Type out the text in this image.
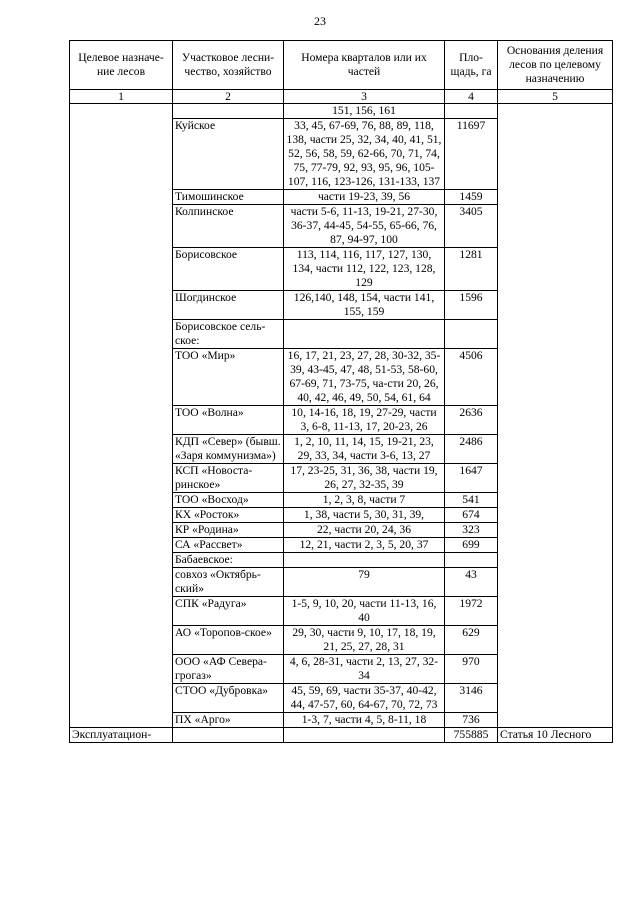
23
Целевое назначе-ние лесов	Участковое лесни-чество, хозяйство	Номера кварталов или их частей	Пло-щадь, га	Основания деления лесов по целевому назначению
1	2	3	4	5
		151, 156, 161		
	Куйское	33, 45, 67-69, 76, 88, 89, 118, 138, части 25, 32, 34, 40, 41, 51, 52, 56, 58, 59, 62-66, 70, 71, 74, 75, 77-79, 92, 93, 95, 96, 105-107, 116, 123-126, 131-133, 137	11697	
	Тимошинское	части 19-23, 39, 56	1459	
	Колпинское	части 5-6, 11-13, 19-21, 27-30, 36-37, 44-45, 54-55, 65-66, 76, 87, 94-97, 100	3405	
	Борисовское	113, 114, 116, 117, 127, 130, 134, части 112, 122, 123, 128, 129	1281	
	Шогдинское	126,140, 148, 154, части 141, 155, 159	1596	
	Борисовское сель-ское:			
	ТОО «Мир»	16, 17, 21, 23, 27, 28, 30-32, 35-39, 43-45, 47, 48, 51-53, 58-60, 67-69, 71, 73-75, ча-сти 20, 26, 40, 42, 46, 49, 50, 54, 61, 64	4506	
	ТОО «Волна»	10, 14-16, 18, 19, 27-29, части 3, 6-8, 11-13, 17, 20-23, 26	2636	
	КДП «Север» (бывш. «Заря коммунизма»)	1, 2, 10, 11, 14, 15, 19-21, 23, 29, 33, 34, части 3-6, 13, 27	2486	
	КСП «Новоста-ринское»	17, 23-25, 31, 36, 38, части 19, 26, 27, 32-35, 39	1647	
	ТОО «Восход»	1, 2, 3, 8, части 7	541	
	КХ «Росток»	1, 38, части 5, 30, 31, 39,	674	
	КР «Родина»	22, части 20, 24, 36	323	
	СА «Рассвет»	12, 21, части 2, 3, 5, 20, 37	699	
	Бабаевское:			
	совхоз «Октябрь-ский»	79	43	
	СПК «Радуга»	1-5, 9, 10, 20, части 11-13, 16, 40	1972	
	АО «Торопов-ское»	29, 30, части 9, 10, 17, 18, 19, 21, 25, 27, 28, 31	629	
	ООО «АФ Севера-грогаз»	4, 6, 28-31, части 2, 13, 27, 32-34	970	
	СТОО «Дубровка»	45, 59, 69, части 35-37, 40-42, 44, 47-57, 60, 64-67, 70, 72, 73	3146	
	ПХ «Арго»	1-3, 7, части 4, 5, 8-11, 18	736	
Эксплуатацион-			755885	Статья 10 Лесного
